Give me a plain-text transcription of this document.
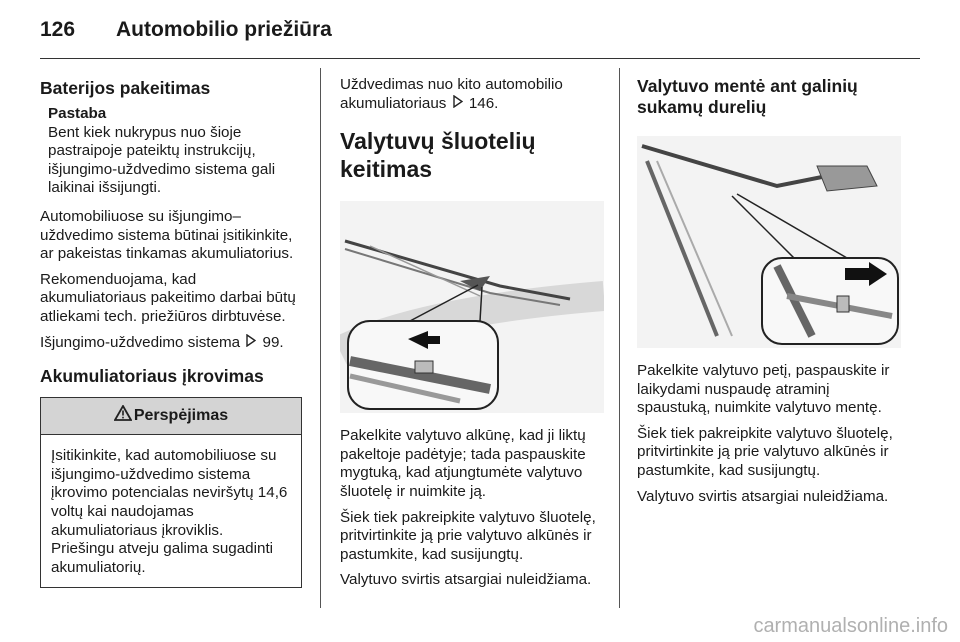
126	Automobilio priežiūra
Baterijos pakeitimas
Pastaba
Bent kiek nukrypus nuo šioje pastraipoje pateiktų instrukcijų, išjungimo-uždvedimo sistema gali laikinai išsijungti.

Automobiliuose su išjungimo–uždvedimo sistema būtinai įsitikinkite, ar pakeistas tinkamas akumuliatorius.

Rekomenduojama, kad akumuliatoriaus pakeitimo darbai būtų atliekami tech. priežiūros dirbtuvėse.

Išjungimo-uždvedimo sistema 99.

Akumuliatoriaus įkrovimas
Perspėjimas
Įsitikinkite, kad automobiliuose su išjungimo-uždvedimo sistema įkrovimo potencialas neviršytų 14,6 voltų kai naudojamas akumuliatoriaus įkroviklis. Priešingu atveju galima sugadinti akumuliatorių.

Uždvedimas nuo kito automobilio akumuliatoriaus 146.

Valytuvų šluotelių keitimas

Pakelkite valytuvo alkūnę, kad ji liktų pakeltoje padėtyje; tada paspauskite mygtuką, kad atjungtumėte valytuvo šluotelę ir nuimkite ją.

Šiek tiek pakreipkite valytuvo šluotelę, pritvirtinkite ją prie valytuvo alkūnės ir pastumkite, kad susijungtų.

Valytuvo svirtis atsargiai nuleidžiama.

Valytuvo mentė ant galinių sukamų durelių

Pakelkite valytuvo petį, paspauskite ir laikydami nuspaudę atraminį spaustuką, nuimkite valytuvo mentę.

Šiek tiek pakreipkite valytuvo šluotelę, pritvirtinkite ją prie valytuvo alkūnės ir pastumkite, kad susijungtų.

Valytuvo svirtis atsargiai nuleidžiama.

carmanualsonline.info
